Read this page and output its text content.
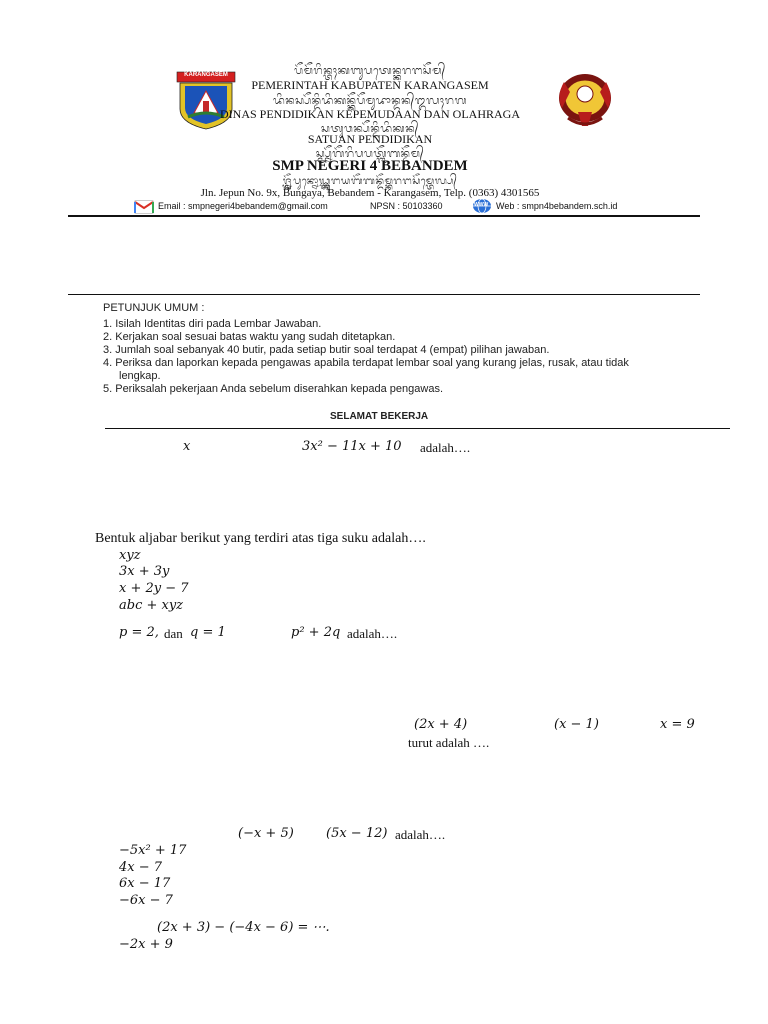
KARANGASEM	ᬧᭂᬫᭂᬭᬶᬦ᭄ᬢᬄᬓᬩᬸᬧᬢᬾᬦ᭄ᬓᬭᬗᬲᭂᬫ᭄
PEMERINTAH KABUPATEN KARANGASEM
ᬤᬶᬦᬲ᭄ᬧᭂᬦ᭄ᬤᬶᬤᬶᬓᬦ᭄ᬓᭂᬧᭂᬫᬸᬤᬵᬦ᭄ᬤᬦ᭄ᬑᬮᬄᬭᬕ
DINAS PENDIDIKAN KEPEMUDAAN DAN OLAHRAGA
ᬲᬢᬸᬯᬦ᭄ᬧᭂᬦ᭄ᬤᬶᬤᬶᬓᬦ᭄
SATUAN PENDIDIKAN
ᬲ᭄ᬫ᭄ᬧ᭄ᬦᭂᬕᭂᬭᬶᬧᬧᬢ᭄ᬩᭂᬩᬦ᭄ᬤᭂᬫ᭄
SMP NEGERI 4 BEBANDEM
ᬚ᭄ᬮ᭄ᬦ᭄ᬚᭂᬧᬸᬦ᭄ᬦᭀᬖ᭄ᬓ᭄ᬩᬸᬗᬬᬩᭂᬩᬦ᭄ᬤᭂᬫ᭄ᬓᬭᬗᬲᭂᬫ᭄ᬢᬾᬮ᭄ᬧ᭄
Jln. Jepun No. 9x, Bungaya, Bebandem - Karangasem, Telp. (0363) 4301565
Email : smpnegeri4bebandem@gmail.com	NPSN : 50103360	WWW Web : smpn4bebandem.sch.id
PETUNJUK UMUM :
1. Isilah Identitas diri pada Lembar Jawaban.
2. Kerjakan soal sesuai batas waktu yang sudah ditetapkan.
3. Jumlah soal sebanyak 40 butir, pada setiap butir soal terdapat 4 (empat) pilihan jawaban.
4. Periksa dan laporkan kepada pengawas apabila terdapat lembar soal yang kurang jelas, rusak, atau tidak
lengkap.
5. Periksalah pekerjaan Anda sebelum diserahkan kepada pengawas.
SELAMAT BEKERJA
x	3x² − 11x + 10 adalah….
Bentuk aljabar berikut yang terdiri atas tiga suku adalah….
xyz
3x + 3y
x + 2y − 7
abc + xyz
p = 2, dan q = 1	p² + 2q adalah….
(2x + 4)	(x − 1)	x = 9
turut adalah ….
(−x + 5) (5x − 12) adalah….
−5x² + 17
4x − 7
6x − 17
−6x − 7
(2x + 3) − (−4x − 6) = ⋯.
−2x + 9
